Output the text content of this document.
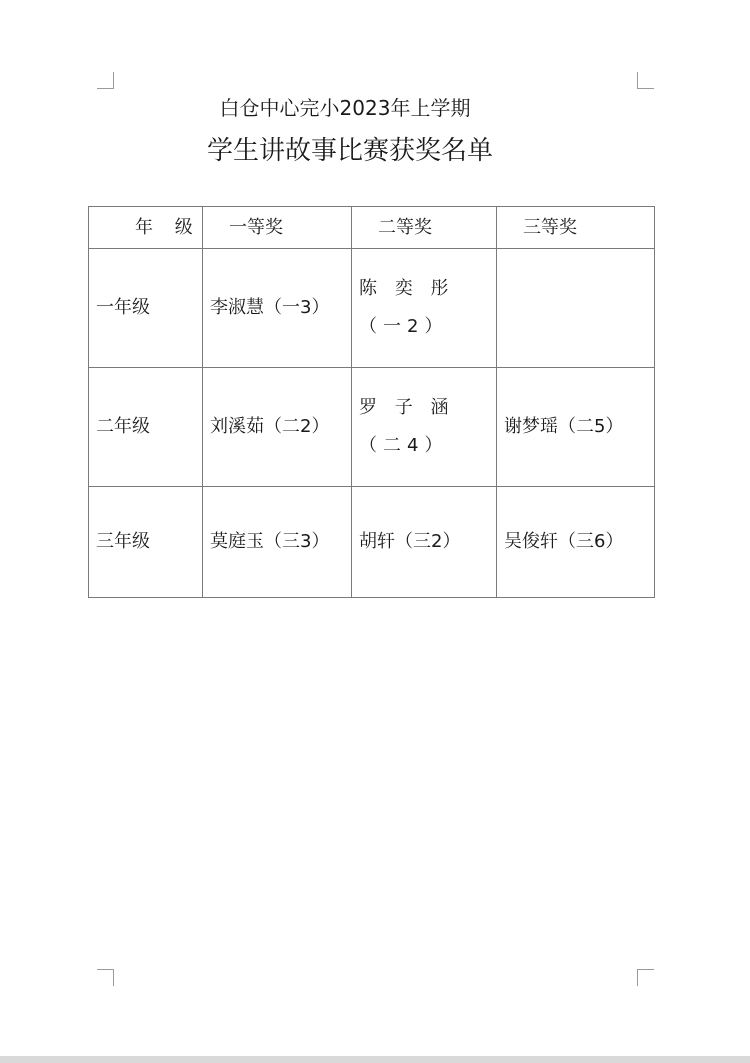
白仓中心完小2023年上学期
学生讲故事比赛获奖名单
年 级	一等奖	二等奖	三等奖
一年级	李淑慧（一3）	陈 奕 彤 （一2）	
二年级	刘溪茹（二2）	罗 子 涵 （二4）	谢梦瑶（二5）
三年级	莫庭玉（三3）	胡轩（三2）	吴俊轩（三6）
